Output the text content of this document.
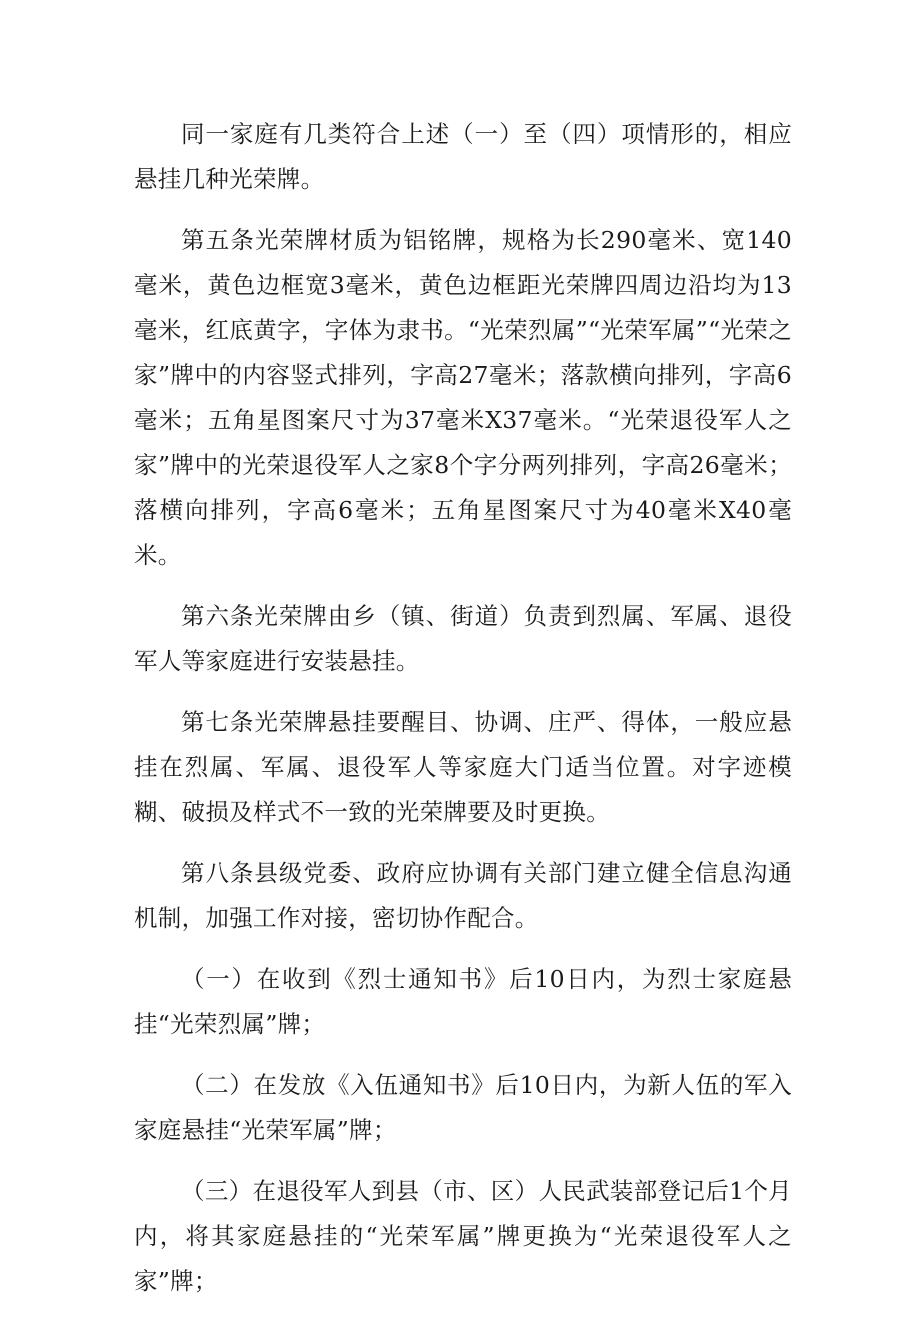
同一家庭有几类符合上述（一）至（四）项情形的，相应悬挂几种光荣牌。

第五条光荣牌材质为铝铭牌，规格为长290毫米、宽140毫米，黄色边框宽3毫米，黄色边框距光荣牌四周边沿均为13毫米，红底黄字，字体为隶书。“光荣烈属”“光荣军属”“光荣之家”牌中的内容竖式排列，字高27毫米；落款横向排列，字高6毫米；五角星图案尺寸为37毫米X37毫米。“光荣退役军人之家”牌中的光荣退役军人之家8个字分两列排列，字高26毫米；落横向排列，字高6毫米；五角星图案尺寸为40毫米X40毫米。

第六条光荣牌由乡（镇、街道）负责到烈属、军属、退役军人等家庭进行安装悬挂。

第七条光荣牌悬挂要醒目、协调、庄严、得体，一般应悬挂在烈属、军属、退役军人等家庭大门适当位置。对字迹模糊、破损及样式不一致的光荣牌要及时更换。

第八条县级党委、政府应协调有关部门建立健全信息沟通机制，加强工作对接，密切协作配合。

（一）在收到《烈士通知书》后10日内，为烈士家庭悬挂“光荣烈属”牌；

（二）在发放《入伍通知书》后10日内，为新人伍的军入家庭悬挂“光荣军属”牌；

（三）在退役军人到县（市、区）人民武装部登记后1个月内，将其家庭悬挂的“光荣军属”牌更换为“光荣退役军人之家”牌；
